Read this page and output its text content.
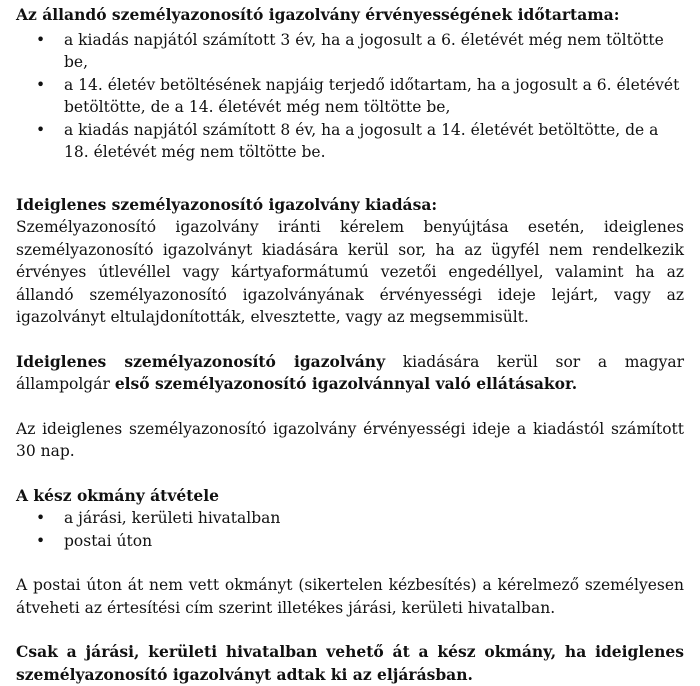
Az állandó személyazonosító igazolvány érvényességének időtartama:

• a kiadás napjától számított 3 év, ha a jogosult a 6. életévét még nem töltötte be,
• a 14. életév betöltésének napjáig terjedő időtartam, ha a jogosult a 6. életévét betöltötte, de a 14. életévét még nem töltötte be,
• a kiadás napjától számított 8 év, ha a jogosult a 14. életévét betöltötte, de a 18. életévét még nem töltötte be.

Ideiglenes személyazonosító igazolvány kiadása:

Személyazonosító igazolvány iránti kérelem benyújtása esetén, ideiglenes személyazonosító igazolványt kiadására kerül sor, ha az ügyfél nem rendelkezik érvényes útlevéllel vagy kártyaformátumú vezetői engedéllyel, valamint ha az állandó személyazonosító igazolványának érvényességi ideje lejárt, vagy az igazolványt eltulajdonították, elvesztette, vagy az megsemmisült.

Ideiglenes személyazonosító igazolvány kiadására kerül sor a magyar állampolgár első személyazonosító igazolvánnyal való ellátásakor.

Az ideiglenes személyazonosító igazolvány érvényességi ideje a kiadástól számított 30 nap.

A kész okmány átvétele

• a járási, kerületi hivatalban
• postai úton

A postai úton át nem vett okmányt (sikertelen kézbesítés) a kérelmező személyesen átveheti az értesítési cím szerint illetékes járási, kerületi hivatalban.

Csak a járási, kerületi hivatalban vehető át a kész okmány, ha ideiglenes személyazonosító igazolványt adtak ki az eljárásban.
